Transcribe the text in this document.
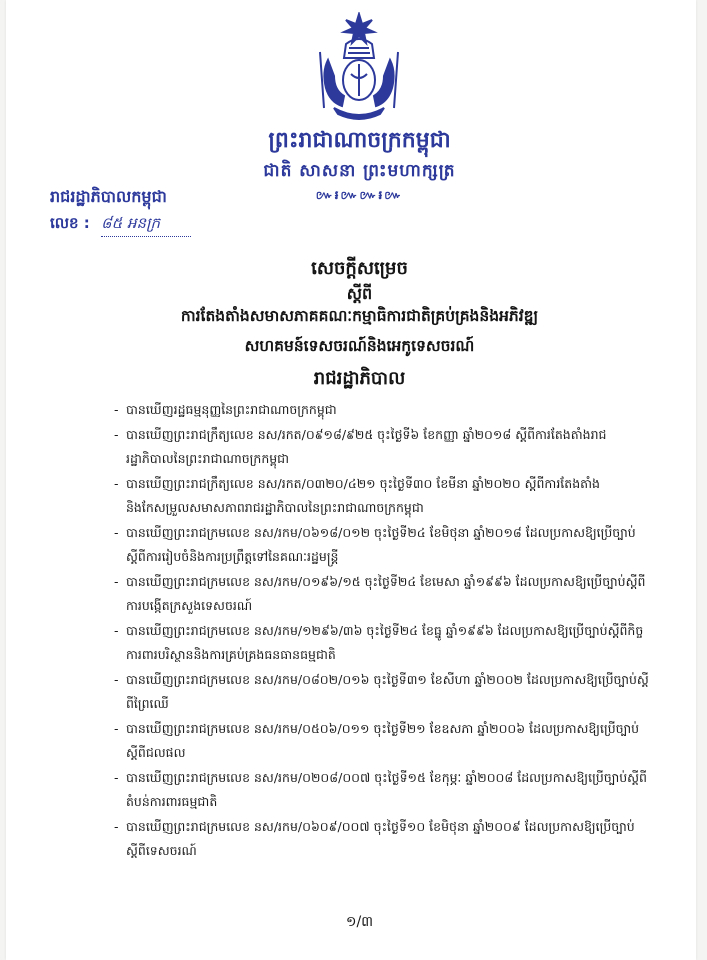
ព្រះរាជាណាចក្រកម្ពុជា

ជាតិ សាសនា ព្រះមហាក្សត្រ

៚៛៚៚៛៚

រាជរដ្ឋាភិបាលកម្ពុជា

លេខ : ៨៥ អនក្រ

សេចក្តីសម្រេច

ស្តីពី

ការតែងតាំងសមាសភាគគណៈកម្មាធិការជាតិគ្រប់គ្រងនិងអភិវឌ្ឍ

សហគមន៍ទេសចរណ៍និងអេកូទេសចរណ៍

រាជរដ្ឋាភិបាល

- បានឃើញរដ្ឋធម្មនុញ្ញនៃព្រះរាជាណាចក្រកម្ពុជា
- បានឃើញព្រះរាជក្រឹត្យលេខ នស/រកត/០៩១៨/៩២៥ ចុះថ្ងៃទី៦ ខែកញ្ញា ឆ្នាំ២០១៨ ស្តីពីការតែងតាំងរាជរដ្ឋាភិបាលនៃព្រះរាជាណាចក្រកម្ពុជា
- បានឃើញព្រះរាជក្រឹត្យលេខ នស/រកត/០៣២០/៤២១ ចុះថ្ងៃទី៣០ ខែមីនា ឆ្នាំ២០២០ ស្តីពីការតែងតាំងនិងកែសម្រួលសមាសភាពរាជរដ្ឋាភិបាលនៃព្រះរាជាណាចក្រកម្ពុជា
- បានឃើញព្រះរាជក្រមលេខ នស/រកម/០៦១៨/០១២ ចុះថ្ងៃទី២៤ ខែមិថុនា ឆ្នាំ២០១៨ ដែលប្រកាសឱ្យប្រើច្បាប់ស្តីពីការរៀបចំនិងការប្រព្រឹត្តទៅនៃគណៈរដ្ឋមន្ត្រី
- បានឃើញព្រះរាជក្រមលេខ នស/រកម/០១៩៦/១៥ ចុះថ្ងៃទី២៤ ខែមេសា ឆ្នាំ១៩៩៦ ដែលប្រកាសឱ្យប្រើច្បាប់ស្តីពីការបង្កើតក្រសួងទេសចរណ៍
- បានឃើញព្រះរាជក្រមលេខ នស/រកម/១២៩៦/៣៦ ចុះថ្ងៃទី២៤ ខែធ្នូ ឆ្នាំ១៩៩៦ ដែលប្រកាសឱ្យប្រើច្បាប់ស្តីពីកិច្ចការពារបរិស្ថាននិងការគ្រប់គ្រងធនធានធម្មជាតិ
- បានឃើញព្រះរាជក្រមលេខ នស/រកម/០៨០២/០១៦ ចុះថ្ងៃទី៣១ ខែសីហា ឆ្នាំ២០០២ ដែលប្រកាសឱ្យប្រើច្បាប់ស្តីពីព្រៃឈើ
- បានឃើញព្រះរាជក្រមលេខ នស/រកម/០៥០៦/០១១ ចុះថ្ងៃទី២១ ខែឧសភា ឆ្នាំ២០០៦ ដែលប្រកាសឱ្យប្រើច្បាប់ស្តីពីជលផល
- បានឃើញព្រះរាជក្រមលេខ នស/រកម/០២០៨/០០៧ ចុះថ្ងៃទី១៥ ខែកុម្ភៈ ឆ្នាំ២០០៨ ដែលប្រកាសឱ្យប្រើច្បាប់ស្តីពីតំបន់ការពារធម្មជាតិ
- បានឃើញព្រះរាជក្រមលេខ នស/រកម/០៦០៩/០០៧ ចុះថ្ងៃទី១០ ខែមិថុនា ឆ្នាំ២០០៩ ដែលប្រកាសឱ្យប្រើច្បាប់ស្តីពីទេសចរណ៍

១/៣
